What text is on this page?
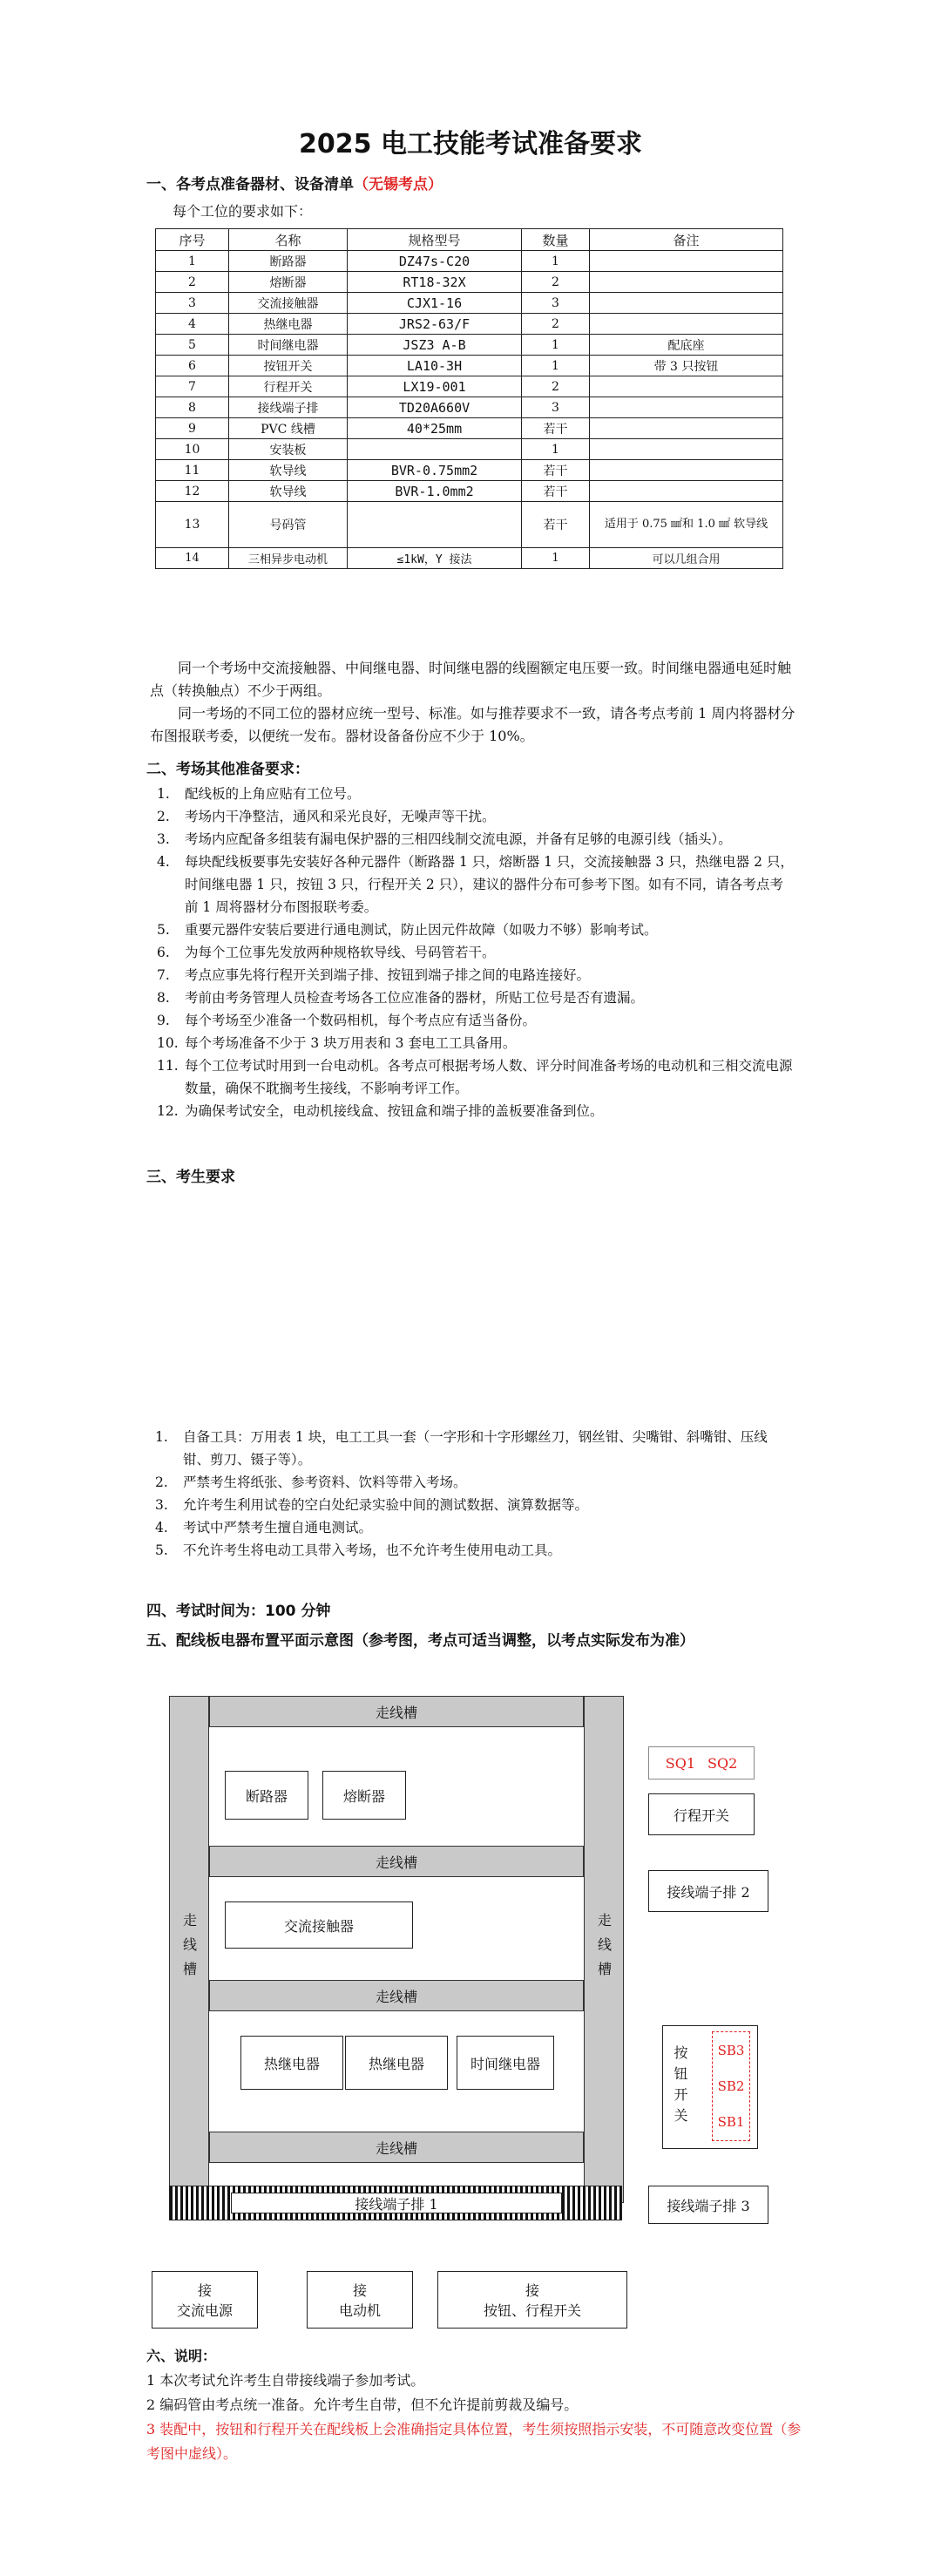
2025 电工技能考试准备要求
一、各考点准备器材、设备清单（无锡考点）
每个工位的要求如下：
序号	名称	规格型号	数量	备注
1	断路器	DZ47s-C20	1	
2	熔断器	RT18-32X	2	
3	交流接触器	CJX1-16	3	
4	热继电器	JRS2-63/F	2	
5	时间继电器	JSZ3 A-B	1	配底座
6	按钮开关	LA10-3H	1	带 3 只按钮
7	行程开关	LX19-001	2	
8	接线端子排	TD20A660V	3	
9	PVC 线槽	40*25mm	若干	
10	安装板		1	
11	软导线	BVR-0.75mm2	若干	
12	软导线	BVR-1.0mm2	若干	
13	号码管		若干	适用于 0.75 ㎟和 1.0 ㎟ 软导线
14	三相异步电动机	≤1kW，Y 接法	1	可以几组合用
同一个考场中交流接触器、中间继电器、时间继电器的线圈额定电压要一致。时间继电器通电延时触点（转换触点）不少于两组。
同一考场的不同工位的器材应统一型号、标准。如与推荐要求不一致，请各考点考前 1 周内将器材分布图报联考委，以便统一发布。器材设备备份应不少于 10%。
二、考场其他准备要求：
1. 配线板的上角应贴有工位号。
2. 考场内干净整洁，通风和采光良好，无噪声等干扰。
3. 考场内应配备多组装有漏电保护器的三相四线制交流电源，并备有足够的电源引线（插头）。
4. 每块配线板要事先安装好各种元器件（断路器 1 只，熔断器 1 只，交流接触器 3 只，热继电器 2 只，时间继电器 1 只，按钮 3 只，行程开关 2 只），建议的器件分布可参考下图。如有不同，请各考点考前 1 周将器材分布图报联考委。
5. 重要元器件安装后要进行通电测试，防止因元件故障（如吸力不够）影响考试。
6. 为每个工位事先发放两种规格软导线、号码管若干。
7. 考点应事先将行程开关到端子排、按钮到端子排之间的电路连接好。
8. 考前由考务管理人员检查考场各工位应准备的器材，所贴工位号是否有遗漏。
9. 每个考场至少准备一个数码相机，每个考点应有适当备份。
10. 每个考场准备不少于 3 块万用表和 3 套电工工具备用。
11. 每个工位考试时用到一台电动机。各考点可根据考场人数、评分时间准备考场的电动机和三相交流电源数量，确保不耽搁考生接线，不影响考评工作。
12. 为确保考试安全，电动机接线盒、按钮盒和端子排的盖板要准备到位。
三、考生要求
1. 自备工具：万用表 1 块，电工工具一套（一字形和十字形螺丝刀，钢丝钳、尖嘴钳、斜嘴钳、压线钳、剪刀、镊子等）。
2. 严禁考生将纸张、参考资料、饮料等带入考场。
3. 允许考生利用试卷的空白处纪录实验中间的测试数据、演算数据等。
4. 考试中严禁考生擅自通电测试。
5. 不允许考生将电动工具带入考场，也不允许考生使用电动工具。
四、考试时间为：100 分钟
五、配线板电器布置平面示意图（参考图，考点可适当调整，以考点实际发布为准）
走线槽	走线槽
走线槽
走线槽
走线槽
走线槽
断路器	熔断器
交流接触器
热继电器	热继电器	时间继电器
接线端子排 1
SQ1 SQ2
行程开关
接线端子排 2
按钮开关 SB3
SB2
SB1
接线端子排 3
接
交流电源
接
电动机
接
按钮、行程开关
六、说明：
1 本次考试允许考生自带接线端子参加考试。
2 编码管由考点统一准备。允许考生自带，但不允许提前剪裁及编号。
3 装配中，按钮和行程开关在配线板上会准确指定具体位置，考生须按照指示安装，不可随意改变位置（参考图中虚线）。
